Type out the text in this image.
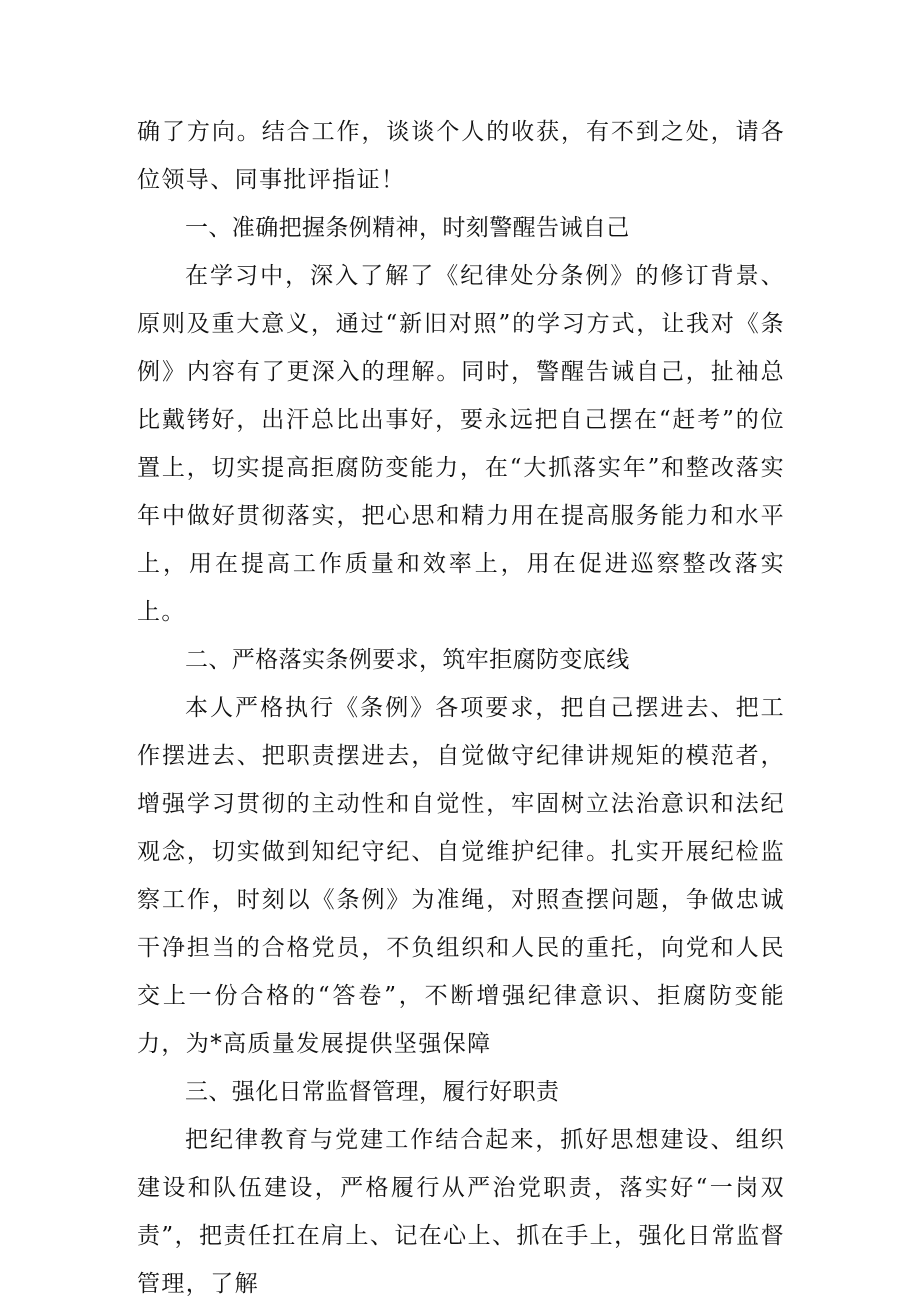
确了方向。结合工作，谈谈个人的收获，有不到之处，请各位领导、同事批评指证！

一、准确把握条例精神，时刻警醒告诫自己

在学习中，深入了解了《纪律处分条例》的修订背景、原则及重大意义，通过“新旧对照”的学习方式，让我对《条例》内容有了更深入的理解。同时，警醒告诫自己，扯袖总比戴铐好，出汗总比出事好，要永远把自己摆在“赶考”的位置上，切实提高拒腐防变能力，在“大抓落实年”和整改落实年中做好贯彻落实，把心思和精力用在提高服务能力和水平上，用在提高工作质量和效率上，用在促进巡察整改落实上。

二、严格落实条例要求，筑牢拒腐防变底线

本人严格执行《条例》各项要求，把自己摆进去、把工作摆进去、把职责摆进去，自觉做守纪律讲规矩的模范者，增强学习贯彻的主动性和自觉性，牢固树立法治意识和法纪观念，切实做到知纪守纪、自觉维护纪律。扎实开展纪检监察工作，时刻以《条例》为准绳，对照查摆问题，争做忠诚干净担当的合格党员，不负组织和人民的重托，向党和人民交上一份合格的“答卷”，不断增强纪律意识、拒腐防变能力，为*高质量发展提供坚强保障

三、强化日常监督管理，履行好职责

把纪律教育与党建工作结合起来，抓好思想建设、组织建设和队伍建设，严格履行从严治党职责，落实好“一岗双责”，把责任扛在肩上、记在心上、抓在手上，强化日常监督管理，了解
